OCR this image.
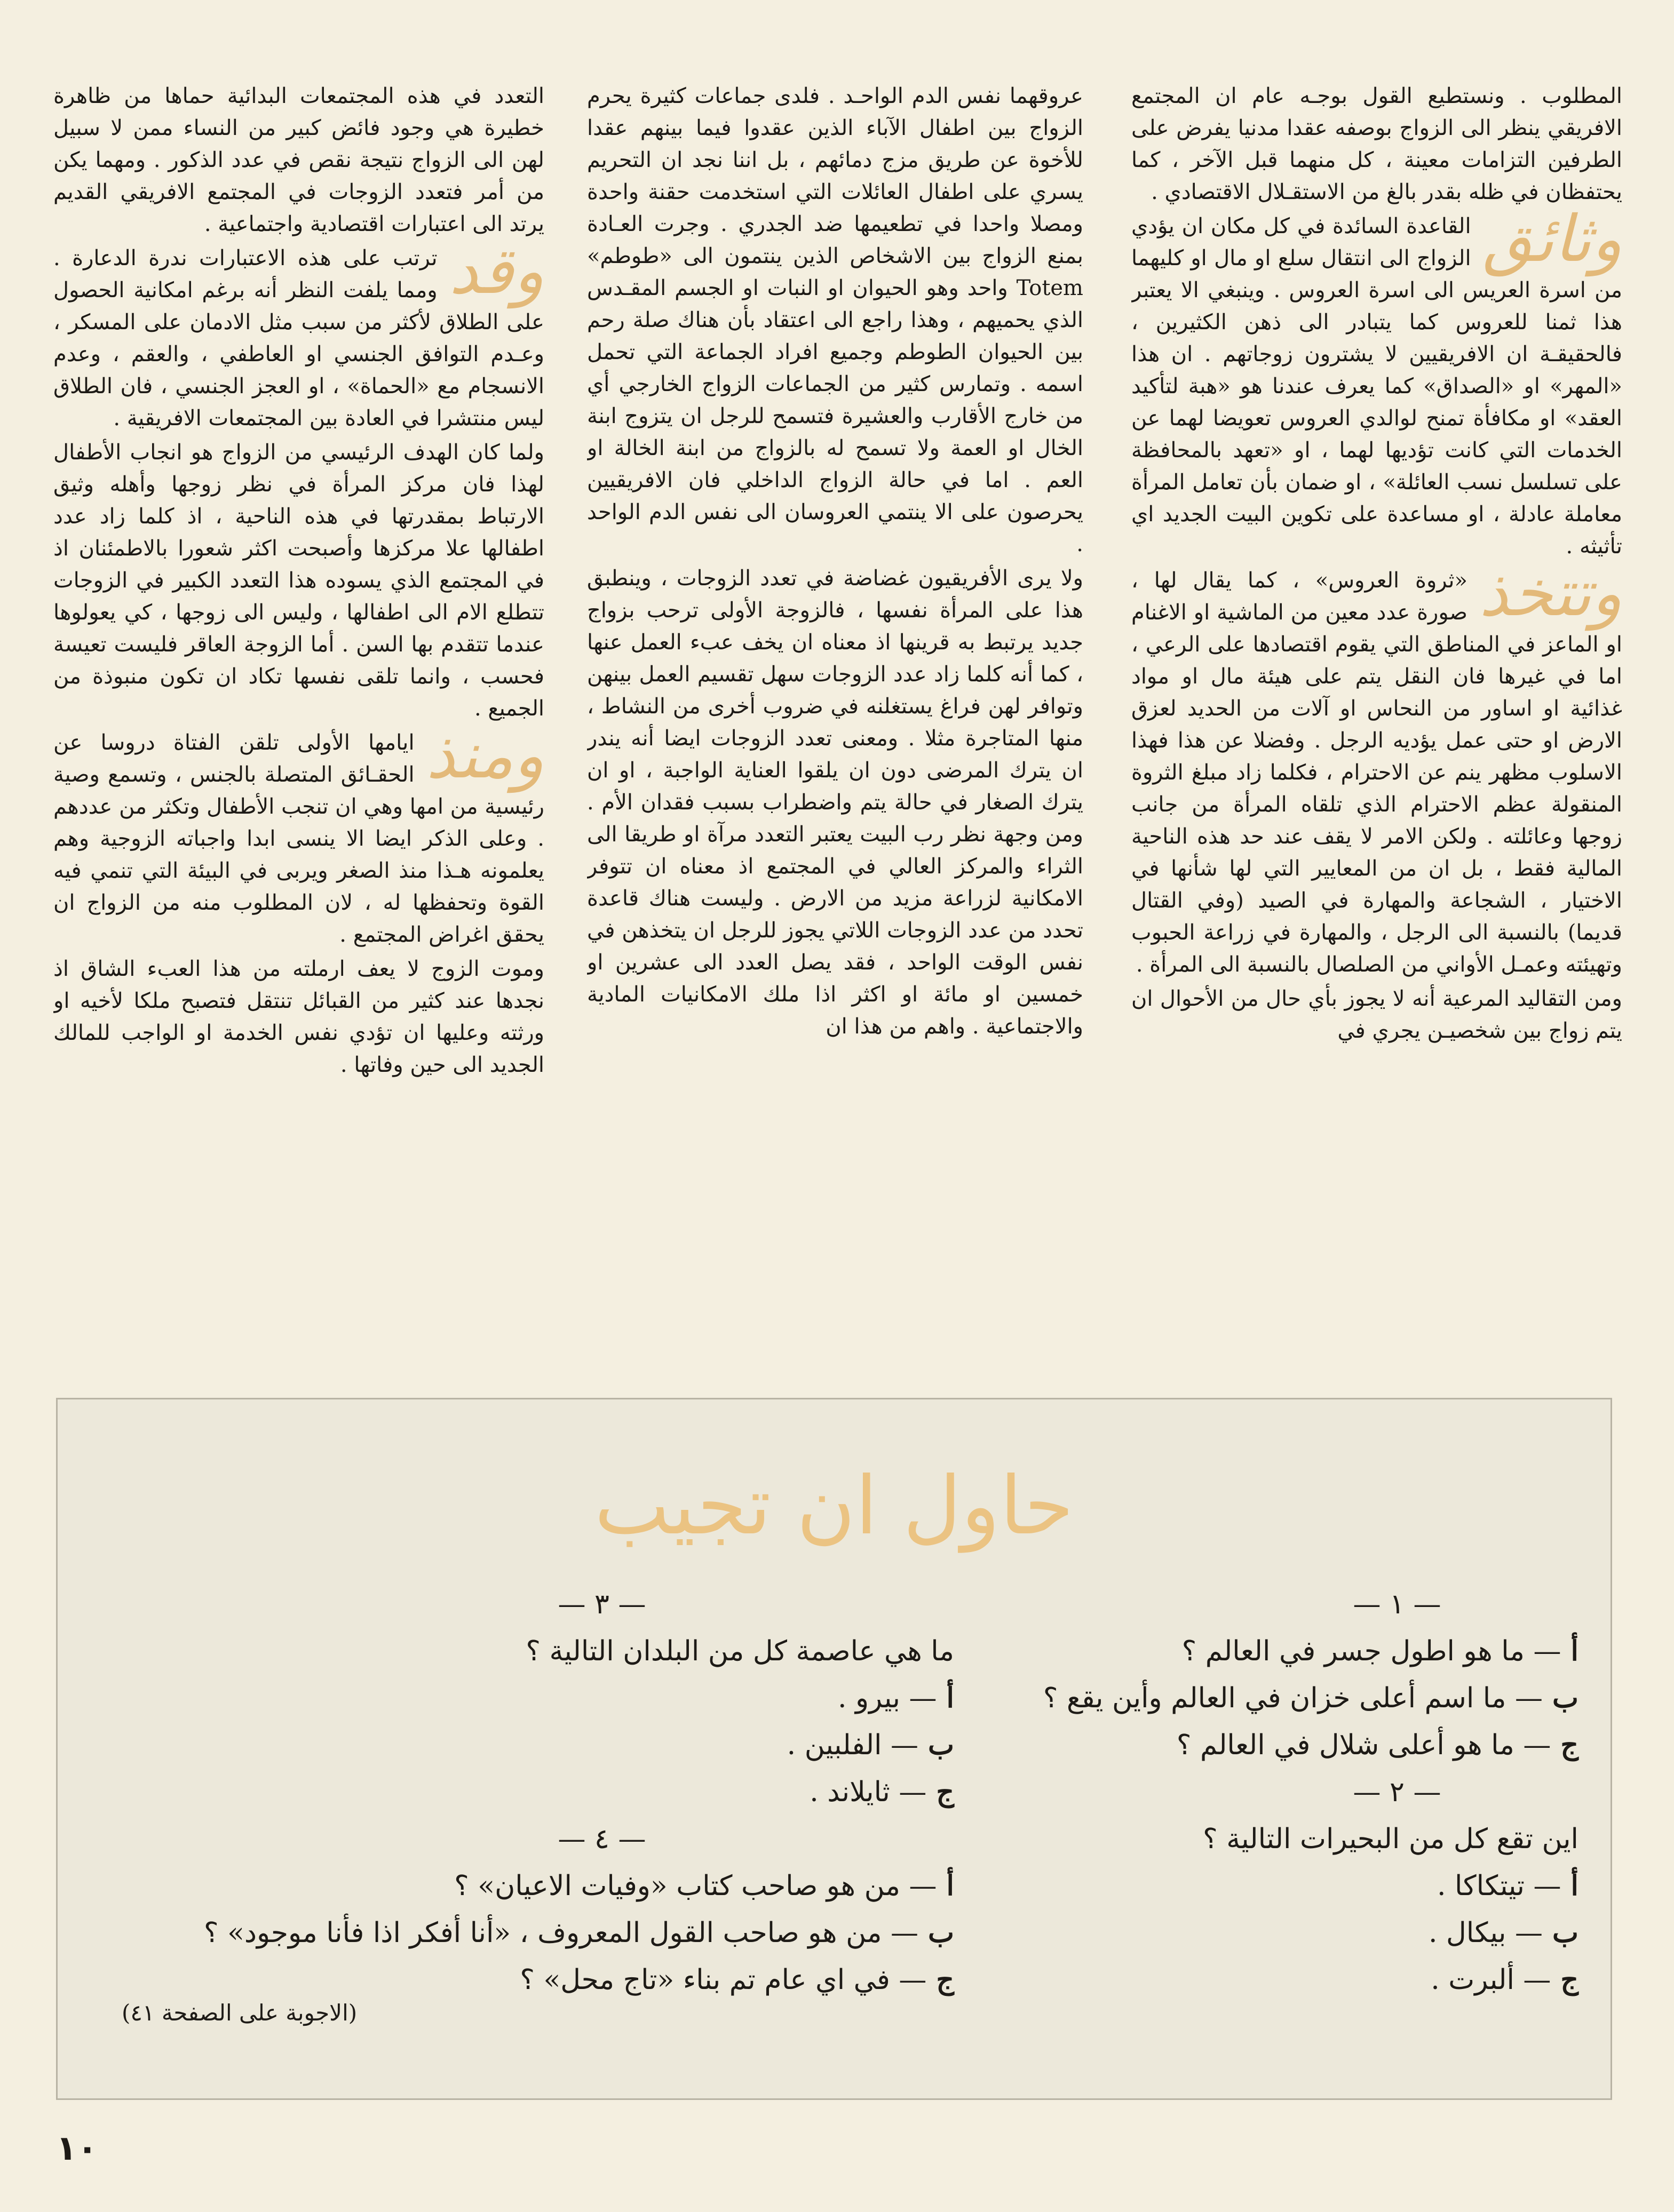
المطلوب . ونستطيع القول بوجـه عام ان المجتمع الافريقي ينظر الى الزواج بوصفه عقدا مدنيا يفرض على الطرفين التزامات معينة ، كل منهما قبل الآخر ، كما يحتفظان في ظله بقدر بالغ من الاستقـلال الاقتصادي .

وثائق
القاعدة السائدة في كل مكان ان يؤدي الزواج الى انتقال سلع او مال او كليهما من اسرة العريس الى اسرة العروس . وينبغي الا يعتبر هذا ثمنا للعروس كما يتبادر الى ذهن الكثيرين ، فالحقيقـة ان الافريقيين لا يشترون زوجاتهم . ان هذا «المهر» او «الصداق» كما يعرف عندنا هو «هبة لتأكيد العقد» او مكافأة تمنح لوالدي العروس تعويضا لهما عن الخدمات التي كانت تؤديها لهما ، او «تعهد بالمحافظة على تسلسل نسب العائلة» ، او ضمان بأن تعامل المرأة معاملة عادلة ، او مساعدة على تكوين البيت الجديد اي تأثيثه .

وتتخذ
«ثروة العروس» ، كما يقال لها ، صورة عدد معين من الماشية او الاغنام او الماعز في المناطق التي يقوم اقتصادها على الرعي ، اما في غيرها فان النقل يتم على هيئة مال او مواد غذائية او اساور من النحاس او آلات من الحديد لعزق الارض او حتى عمل يؤديه الرجل . وفضلا عن هذا فهذا الاسلوب مظهر ينم عن الاحترام ، فكلما زاد مبلغ الثروة المنقولة عظم الاحترام الذي تلقاه المرأة من جانب زوجها وعائلته . ولكن الامر لا يقف عند حد هذه الناحية المالية فقط ، بل ان من المعايير التي لها شأنها في الاختيار ، الشجاعة والمهارة في الصيد (وفي القتال قديما) بالنسبة الى الرجل ، والمهارة في زراعة الحبوب وتهيئته وعمـل الأواني من الصلصال بالنسبة الى المرأة .

ومن التقاليد المرعية أنه لا يجوز بأي حال من الأحوال ان يتم زواج بين شخصيـن يجري في

عروقهما نفس الدم الواحـد . فلدى جماعات كثيرة يحرم الزواج بين اطفال الآباء الذين عقدوا فيما بينهم عقدا للأخوة عن طريق مزج دمائهم ، بل اننا نجد ان التحريم يسري على اطفال العائلات التي استخدمت حقنة واحدة ومصلا واحدا في تطعيمها ضد الجدري . وجرت العـادة بمنع الزواج بين الاشخاص الذين ينتمون الى «طوطم» Totem واحد وهو الحيوان او النبات او الجسم المقـدس الذي يحميهم ، وهذا راجع الى اعتقاد بأن هناك صلة رحم بين الحيوان الطوطم وجميع افراد الجماعة التي تحمل اسمه . وتمارس كثير من الجماعات الزواج الخارجي أي من خارج الأقارب والعشيرة فتسمح للرجل ان يتزوج ابنة الخال او العمة ولا تسمح له بالزواج من ابنة الخالة او العم . اما في حالة الزواج الداخلي فان الافريقيين يحرصون على الا ينتمي العروسان الى نفس الدم الواحد .

ولا يرى الأفريقيون غضاضة في تعدد الزوجات ، وينطبق هذا على المرأة نفسها ، فالزوجة الأولى ترحب بزواج جديد يرتبط به قرينها اذ معناه ان يخف عبء العمل عنها ، كما أنه كلما زاد عدد الزوجات سهل تقسيم العمل بينهن وتوافر لهن فراغ يستغلنه في ضروب أخرى من النشاط ، منها المتاجرة مثلا . ومعنى تعدد الزوجات ايضا أنه يندر ان يترك المرضى دون ان يلقوا العناية الواجبة ، او ان يترك الصغار في حالة يتم واضطراب بسبب فقدان الأم . ومن وجهة نظر رب البيت يعتبر التعدد مرآة او طريقا الى الثراء والمركز العالي في المجتمع اذ معناه ان تتوفر الامكانية لزراعة مزيد من الارض . وليست هناك قاعدة تحدد من عدد الزوجات اللاتي يجوز للرجل ان يتخذهن في نفس الوقت الواحد ، فقد يصل العدد الى عشرين او خمسين او مائة او اكثر اذا ملك الامكانيات المادية والاجتماعية . واهم من هذا ان

التعدد في هذه المجتمعات البدائية حماها من ظاهرة خطيرة هي وجود فائض كبير من النساء ممن لا سبيل لهن الى الزواج نتيجة نقص في عدد الذكور . ومهما يكن من أمر فتعدد الزوجات في المجتمع الافريقي القديم يرتد الى اعتبارات اقتصادية واجتماعية .

وقد
ترتب على هذه الاعتبارات ندرة الدعارة . ومما يلفت النظر أنه برغم امكانية الحصول على الطلاق لأكثر من سبب مثل الادمان على المسكر ، وعـدم التوافق الجنسي او العاطفي ، والعقم ، وعدم الانسجام مع «الحماة» ، او العجز الجنسي ، فان الطلاق ليس منتشرا في العادة بين المجتمعات الافريقية .

ولما كان الهدف الرئيسي من الزواج هو انجاب الأطفال لهذا فان مركز المرأة في نظر زوجها وأهله وثيق الارتباط بمقدرتها في هذه الناحية ، اذ كلما زاد عدد اطفالها علا مركزها وأصبحت اكثر شعورا بالاطمئنان اذ في المجتمع الذي يسوده هذا التعدد الكبير في الزوجات تتطلع الام الى اطفالها ، وليس الى زوجها ، كي يعولوها عندما تتقدم بها السن . أما الزوجة العاقر فليست تعيسة فحسب ، وانما تلقى نفسها تكاد ان تكون منبوذة من الجميع .

ومنذ
ايامها الأولى تلقن الفتاة دروسا عن الحقـائق المتصلة بالجنس ، وتسمع وصية رئيسية من امها وهي ان تنجب الأطفال وتكثر من عددهم . وعلى الذكر ايضا الا ينسى ابدا واجباته الزوجية وهم يعلمونه هـذا منذ الصغر ويربى في البيئة التي تنمي فيه القوة وتحفظها له ، لان المطلوب منه من الزواج ان يحقق اغراض المجتمع .

وموت الزوج لا يعف ارملته من هذا العبء الشاق اذ نجدها عند كثير من القبائل تنتقل فتصبح ملكا لأخيه او ورثته وعليها ان تؤدي نفس الخدمة او الواجب للمالك الجديد الى حين وفاتها .

حاول ان تجيب

— ١ —

أ— ما هو اطول جسر في العالم ؟

ب— ما اسم أعلى خزان في العالم وأين يقع ؟

ج— ما هو أعلى شلال في العالم ؟

— ٢ —

اين تقع كل من البحيرات التالية ؟

أ— تيتكاكا .

ب— بيكال .

ج— ألبرت .

— ٣ —

ما هي عاصمة كل من البلدان التالية ؟

أ— بيرو .

ب— الفلبين .

ج— ثايلاند .

— ٤ —

أ— من هو صاحب كتاب «وفيات الاعيان» ؟

ب— من هو صاحب القول المعروف ، «أنا أفكر اذا فأنا موجود» ؟

ج— في اي عام تم بناء «تاج محل» ؟

(الاجوبة على الصفحة ٤١)
١٠
